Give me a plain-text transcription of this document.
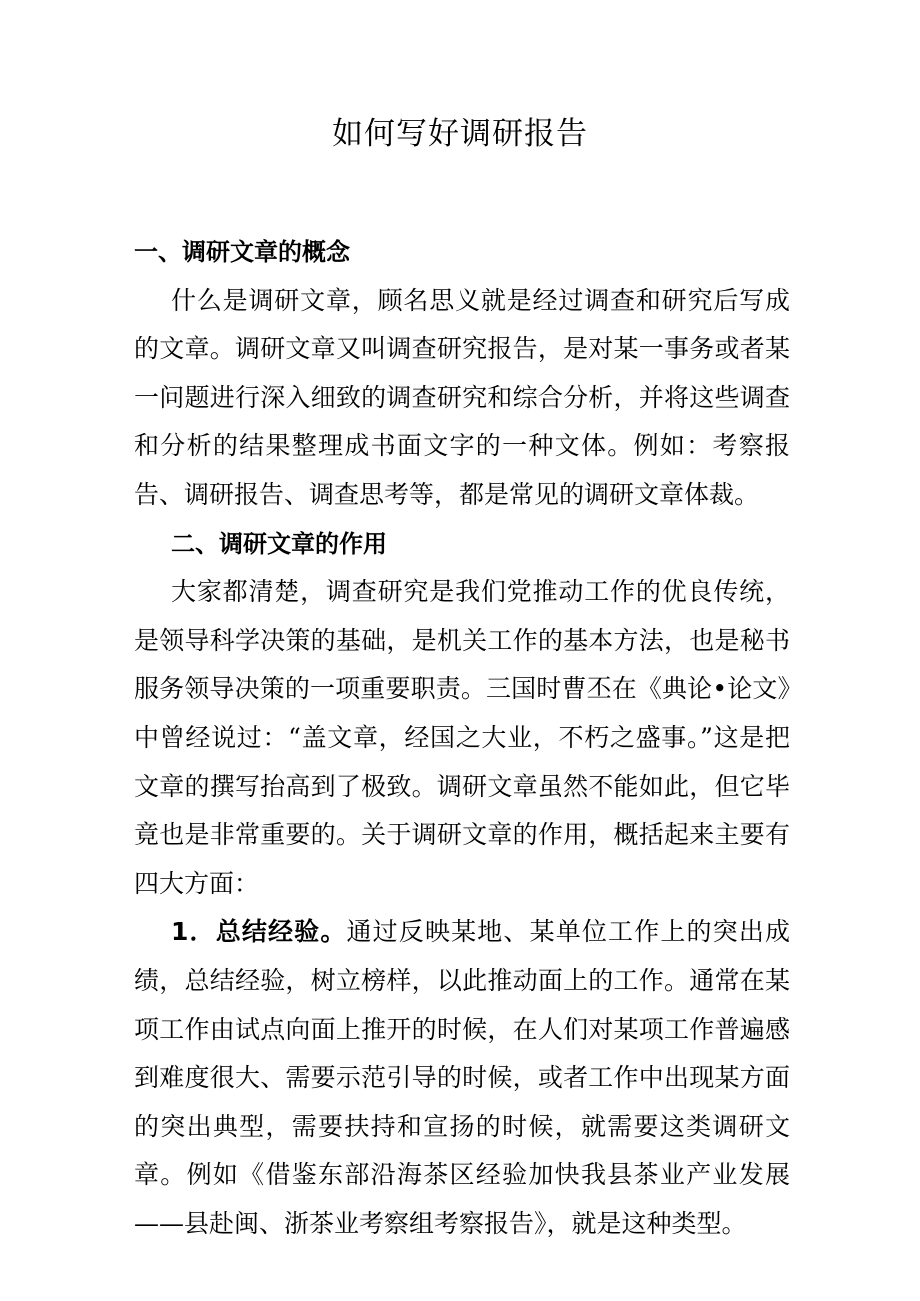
如何写好调研报告

一、调研文章的概念

什么是调研文章，顾名思义就是经过调查和研究后写成的文章。调研文章又叫调查研究报告，是对某一事务或者某一问题进行深入细致的调查研究和综合分析，并将这些调查和分析的结果整理成书面文字的一种文体。例如：考察报告、调研报告、调查思考等，都是常见的调研文章体裁。

二、调研文章的作用

大家都清楚，调查研究是我们党推动工作的优良传统，是领导科学决策的基础，是机关工作的基本方法，也是秘书服务领导决策的一项重要职责。三国时曹丕在《典论•论文》中曾经说过：“盖文章，经国之大业，不朽之盛事。”这是把文章的撰写抬高到了极致。调研文章虽然不能如此，但它毕竟也是非常重要的。关于调研文章的作用，概括起来主要有四大方面：

1．总结经验。通过反映某地、某单位工作上的突出成绩，总结经验，树立榜样，以此推动面上的工作。通常在某项工作由试点向面上推开的时候，在人们对某项工作普遍感到难度很大、需要示范引导的时候，或者工作中出现某方面的突出典型，需要扶持和宣扬的时候，就需要这类调研文章。例如《借鉴东部沿海茶区经验加快我县茶业产业发展——县赴闽、浙茶业考察组考察报告》，就是这种类型。
